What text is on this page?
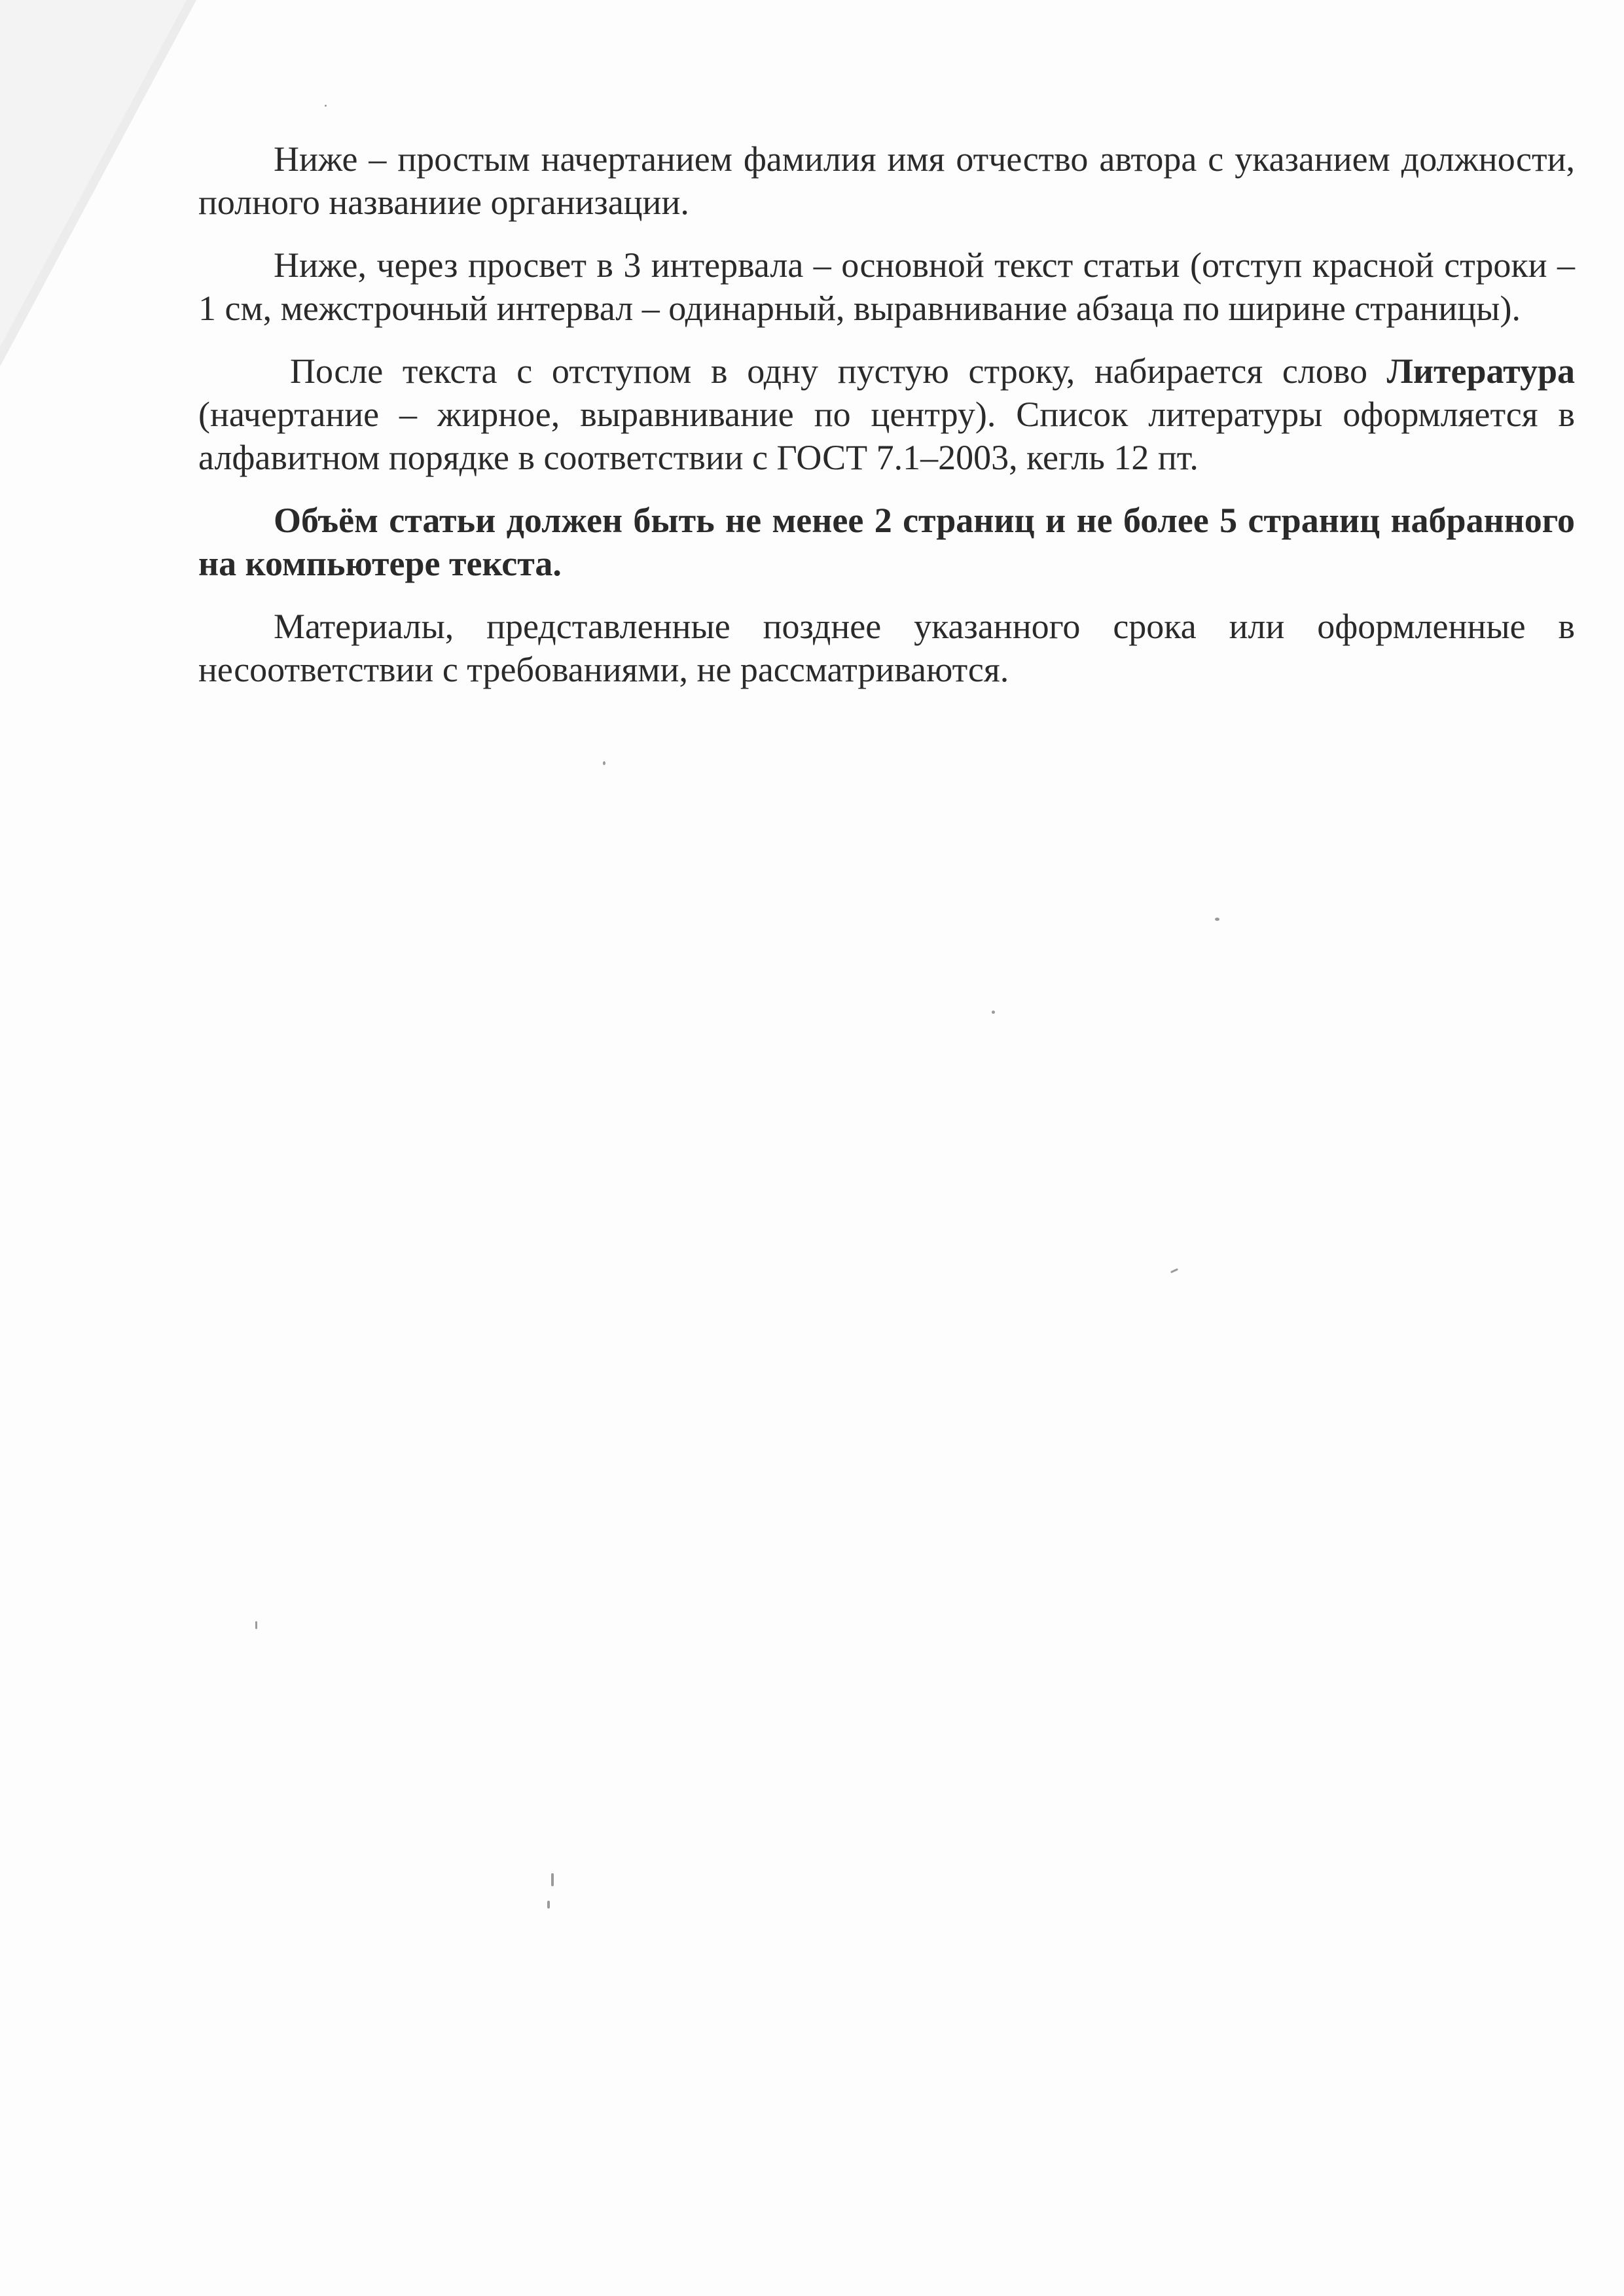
Ниже – простым начертанием фамилия имя отчество автора с указанием должности, полного названиие организации.

Ниже, через просвет в 3 интервала – основной текст статьи (отступ красной строки – 1 см, межстрочный интервал – одинарный, выравнивание абзаца по ширине страницы).

После текста с отступом в одну пустую строку, набирается слово Литература (начертание – жирное, выравнивание по центру). Список литературы оформляется в алфавитном порядке в соответствии с ГОСТ 7.1–2003, кегль 12 пт.

Объём статьи должен быть не менее 2 страниц и не более 5 страниц набранного на компьютере текста.

Материалы, представленные позднее указанного срока или оформленные в несоответствии с требованиями, не рассматриваются.
